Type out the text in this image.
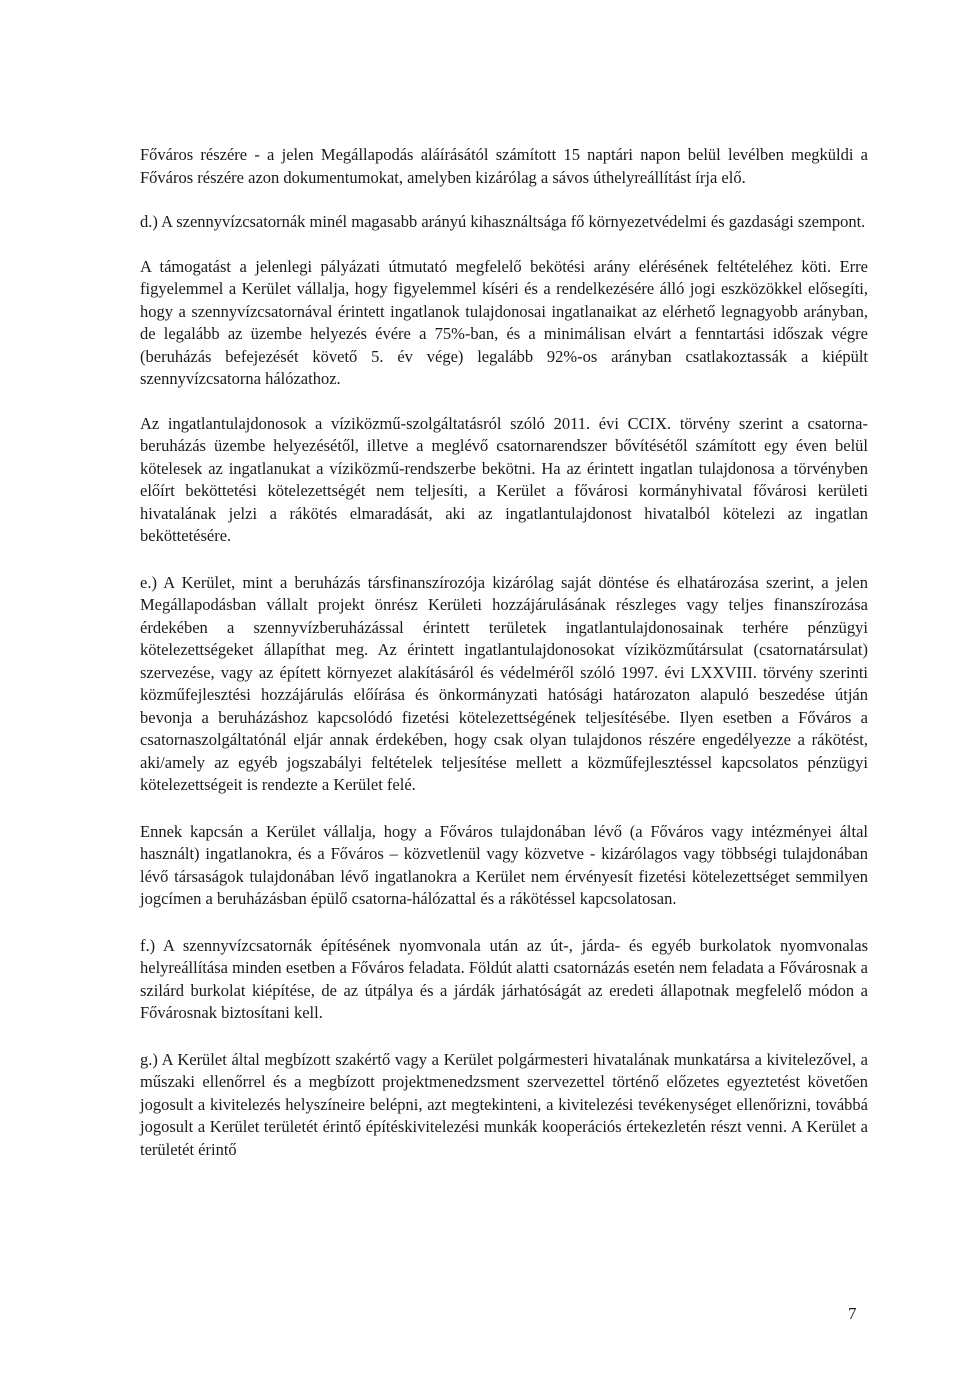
Főváros részére - a jelen Megállapodás aláírásától számított 15 naptári napon belül levélben megküldi a Főváros részére azon dokumentumokat, amelyben kizárólag a sávos úthelyreállítást írja elő.

d.) A szennyvízcsatornák minél magasabb arányú kihasználtsága fő környezetvédelmi és gazdasági szempont.

A támogatást a jelenlegi pályázati útmutató megfelelő bekötési arány elérésének feltételéhez köti. Erre figyelemmel a Kerület vállalja, hogy figyelemmel kíséri és a rendelkezésére álló jogi eszközökkel elősegíti, hogy a szennyvízcsatornával érintett ingatlanok tulajdonosai ingatlanaikat az elérhető legnagyobb arányban, de legalább az üzembe helyezés évére a 75%-ban, és a minimálisan elvárt a fenntartási időszak végre (beruházás befejezését követő 5. év vége) legalább 92%-os arányban csatlakoztassák a kiépült szennyvízcsatorna hálózathoz.

Az ingatlantulajdonosok a víziközmű-szolgáltatásról szóló 2011. évi CCIX. törvény szerint a csatorna-beruházás üzembe helyezésétől, illetve a meglévő csatornarendszer bővítésétől számított egy éven belül kötelesek az ingatlanukat a víziközmű-rendszerbe bekötni. Ha az érintett ingatlan tulajdonosa a törvényben előírt beköttetési kötelezettségét nem teljesíti, a Kerület a fővárosi kormányhivatal fővárosi kerületi hivatalának jelzi a rákötés elmaradását, aki az ingatlantulajdonost hivatalból kötelezi az ingatlan beköttetésére.

e.) A Kerület, mint a beruházás társfinanszírozója kizárólag saját döntése és elhatározása szerint, a jelen Megállapodásban vállalt projekt önrész Kerületi hozzájárulásának részleges vagy teljes finanszírozása érdekében a szennyvízberuházással érintett területek ingatlantulajdonosainak terhére pénzügyi kötelezettségeket állapíthat meg. Az érintett ingatlantulajdonosokat víziközműtársulat (csatornatársulat) szervezése, vagy az épített környezet alakításáról és védelméről szóló 1997. évi LXXVIII. törvény szerinti közműfejlesztési hozzájárulás előírása és önkormányzati hatósági határozaton alapuló beszedése útján bevonja a beruházáshoz kapcsolódó fizetési kötelezettségének teljesítésébe. Ilyen esetben a Főváros a csatornaszolgáltatónál eljár annak érdekében, hogy csak olyan tulajdonos részére engedélyezze a rákötést, aki/amely az egyéb jogszabályi feltételek teljesítése mellett a közműfejlesztéssel kapcsolatos pénzügyi kötelezettségeit is rendezte a Kerület felé.

Ennek kapcsán a Kerület vállalja, hogy a Főváros tulajdonában lévő (a Főváros vagy intézményei által használt) ingatlanokra, és a Főváros – közvetlenül vagy közvetve - kizárólagos vagy többségi tulajdonában lévő társaságok tulajdonában lévő ingatlanokra a Kerület nem érvényesít fizetési kötelezettséget semmilyen jogcímen a beruházásban épülő csatorna-hálózattal és a rákötéssel kapcsolatosan.

f.) A szennyvízcsatornák építésének nyomvonala után az út-, járda- és egyéb burkolatok nyomvonalas helyreállítása minden esetben a Főváros feladata. Földút alatti csatornázás esetén nem feladata a Fővárosnak a szilárd burkolat kiépítése, de az útpálya és a járdák járhatóságát az eredeti állapotnak megfelelő módon a Fővárosnak biztosítani kell.

g.) A Kerület által megbízott szakértő vagy a Kerület polgármesteri hivatalának munkatársa a kivitelezővel, a műszaki ellenőrrel és a megbízott projektmenedzsment szervezettel történő előzetes egyeztetést követően jogosult a kivitelezés helyszíneire belépni, azt megtekinteni, a kivitelezési tevékenységet ellenőrizni, továbbá jogosult a Kerület területét érintő építéskivitelezési munkák kooperációs értekezletén részt venni. A Kerület a területét érintő

7
